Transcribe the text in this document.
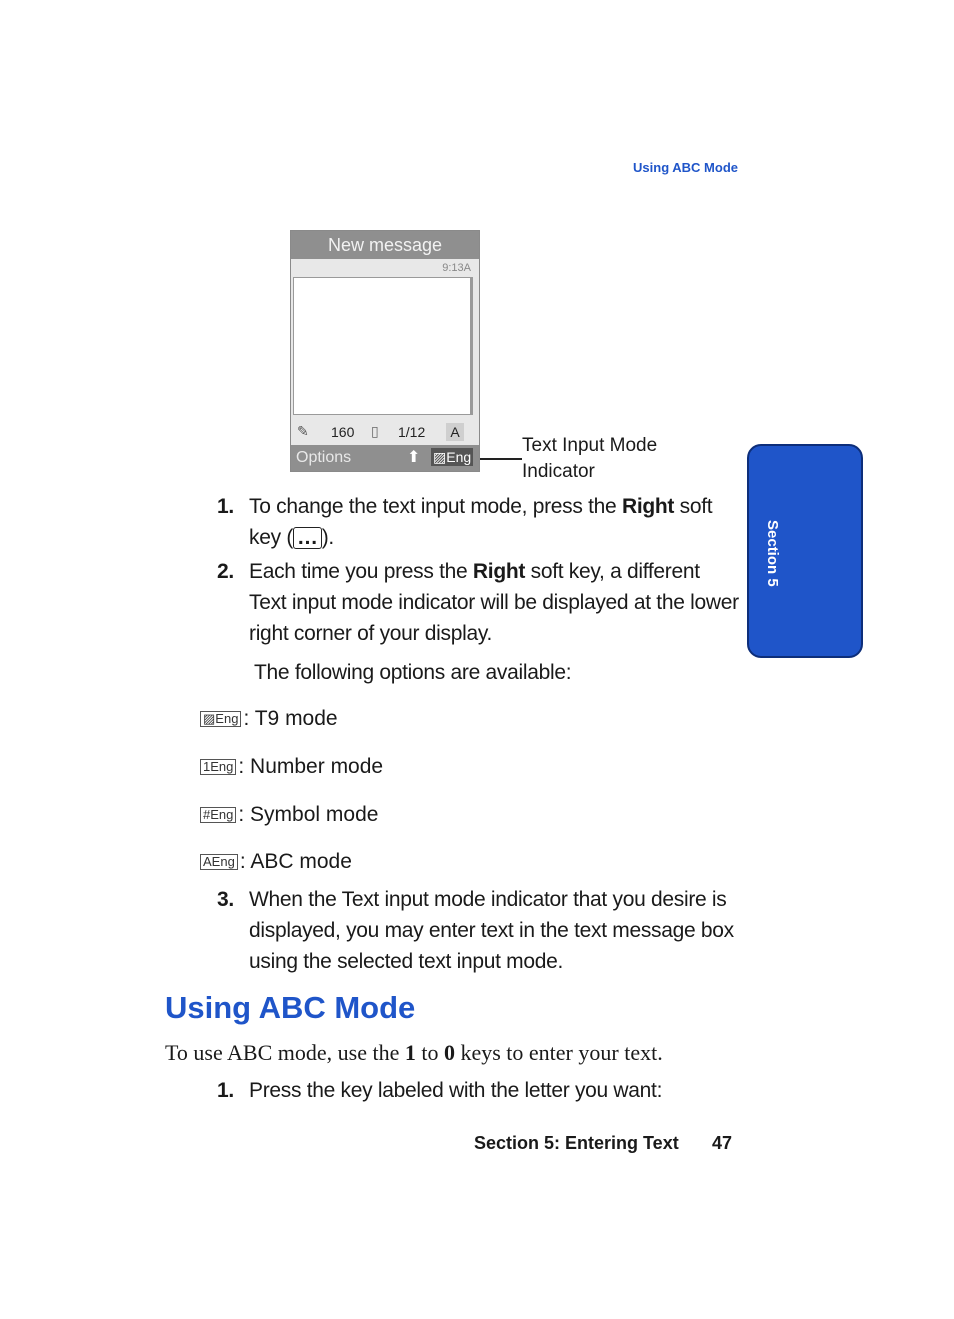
Using ABC Mode
New message
9:13A
✎ 160 ▯ 1/12	A
Options	⬆ ▨Eng
Text Input Mode
Indicator
Section 5
1. To change the text input mode, press the Right soft key ( … ).
2. Each time you press the Right soft key, a different Text input mode indicator will be displayed at the lower right corner of your display.
The following options are available:
▨Eng : T9 mode
1Eng : Number mode
#Eng : Symbol mode
AEng : ABC mode
3. When the Text input mode indicator that you desire is displayed, you may enter text in the text message box using the selected text input mode.
Using ABC Mode
To use ABC mode, use the 1 to 0 keys to enter your text.
1. Press the key labeled with the letter you want:
Section 5: Entering Text 47
